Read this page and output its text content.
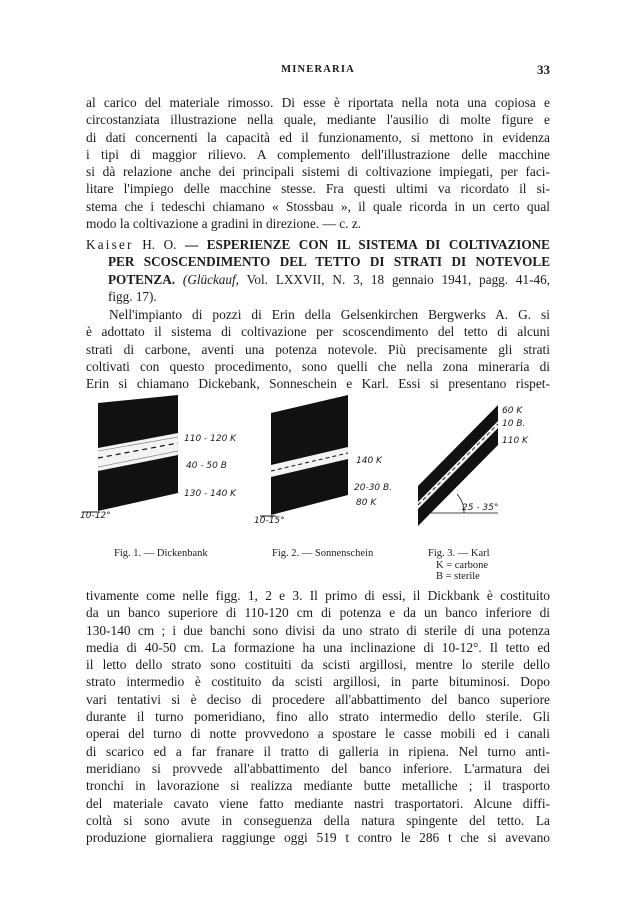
MINERARIA	33
al carico del materiale rimosso. Di esse è riportata nella nota una copiosa e
circostanziata illustrazione nella quale, mediante l'ausilio di molte figure e
di dati concernenti la capacità ed il funzionamento, si mettono in evidenza
i tipi di maggior rilievo. A complemento dell'illustrazione delle macchine
si dà relazione anche dei principali sistemi di coltivazione impiegati, per faci-
litare l'impiego delle macchine stesse. Fra questi ultimi va ricordato il si-
stema che i tedeschi chiamano « Stossbau », il quale ricorda in un certo qual
modo la coltivazione a gradini in direzione. — c. z.
Kaiser H. O. — ESPERIENZE CON IL SISTEMA DI COLTIVAZIONE
PER SCOSCENDIMENTO DEL TETTO DI STRATI DI NOTEVOLE
POTENZA. (Glückauf, Vol. LXXVII, N. 3, 18 gennaio 1941, pagg. 41-46,
figg. 17).
Nell'impianto di pozzi di Erin della Gelsenkirchen Bergwerks A. G. si
è adottato il sistema di coltivazione per scoscendimento del tetto di alcuni
strati di carbone, aventi una potenza notevole. Più precisamente gli strati
coltivati con questo procedimento, sono quelli che nella zona mineraria di
Erin si chiamano Dickebank, Sonneschein e Karl. Essi si presentano rispet-
110 - 120 K
40 - 50 B
130 - 140 K
10-12°
Fig. 1. — Dickenbank
140 K
20-30 B.
80 K
10-15°
Fig. 2. — Sonnenschein
60 K
10 B.
110 K
25 - 35°
Fig. 3. — Karl
K = carbone
B = sterile
tivamente come nelle figg. 1, 2 e 3. Il primo di essi, il Dickbank è costituito
da un banco superiore di 110-120 cm di potenza e da un banco inferiore di
130-140 cm ; i due banchi sono divisi da uno strato di sterile di una potenza
media di 40-50 cm. La formazione ha una inclinazione di 10-12°. Il tetto ed
il letto dello strato sono costituiti da scisti argillosi, mentre lo sterile dello
strato intermedio è costituito da scisti argillosi, in parte bituminosi. Dopo
vari tentativi si è deciso di procedere all'abbattimento del banco superiore
durante il turno pomeridiano, fino allo strato intermedio dello sterile. Gli
operai del turno di notte provvedono a spostare le casse mobili ed i canali
di scarico ed a far franare il tratto di galleria in ripiena. Nel turno anti-
meridiano si provvede all'abbattimento del banco inferiore. L'armatura dei
tronchi in lavorazione si realizza mediante butte metalliche ; il trasporto
del materiale cavato viene fatto mediante nastri trasportatori. Alcune diffi-
coltà si sono avute in conseguenza della natura spingente del tetto. La
produzione giornaliera raggiunge oggi 519 t contro le 286 t che si avevano
